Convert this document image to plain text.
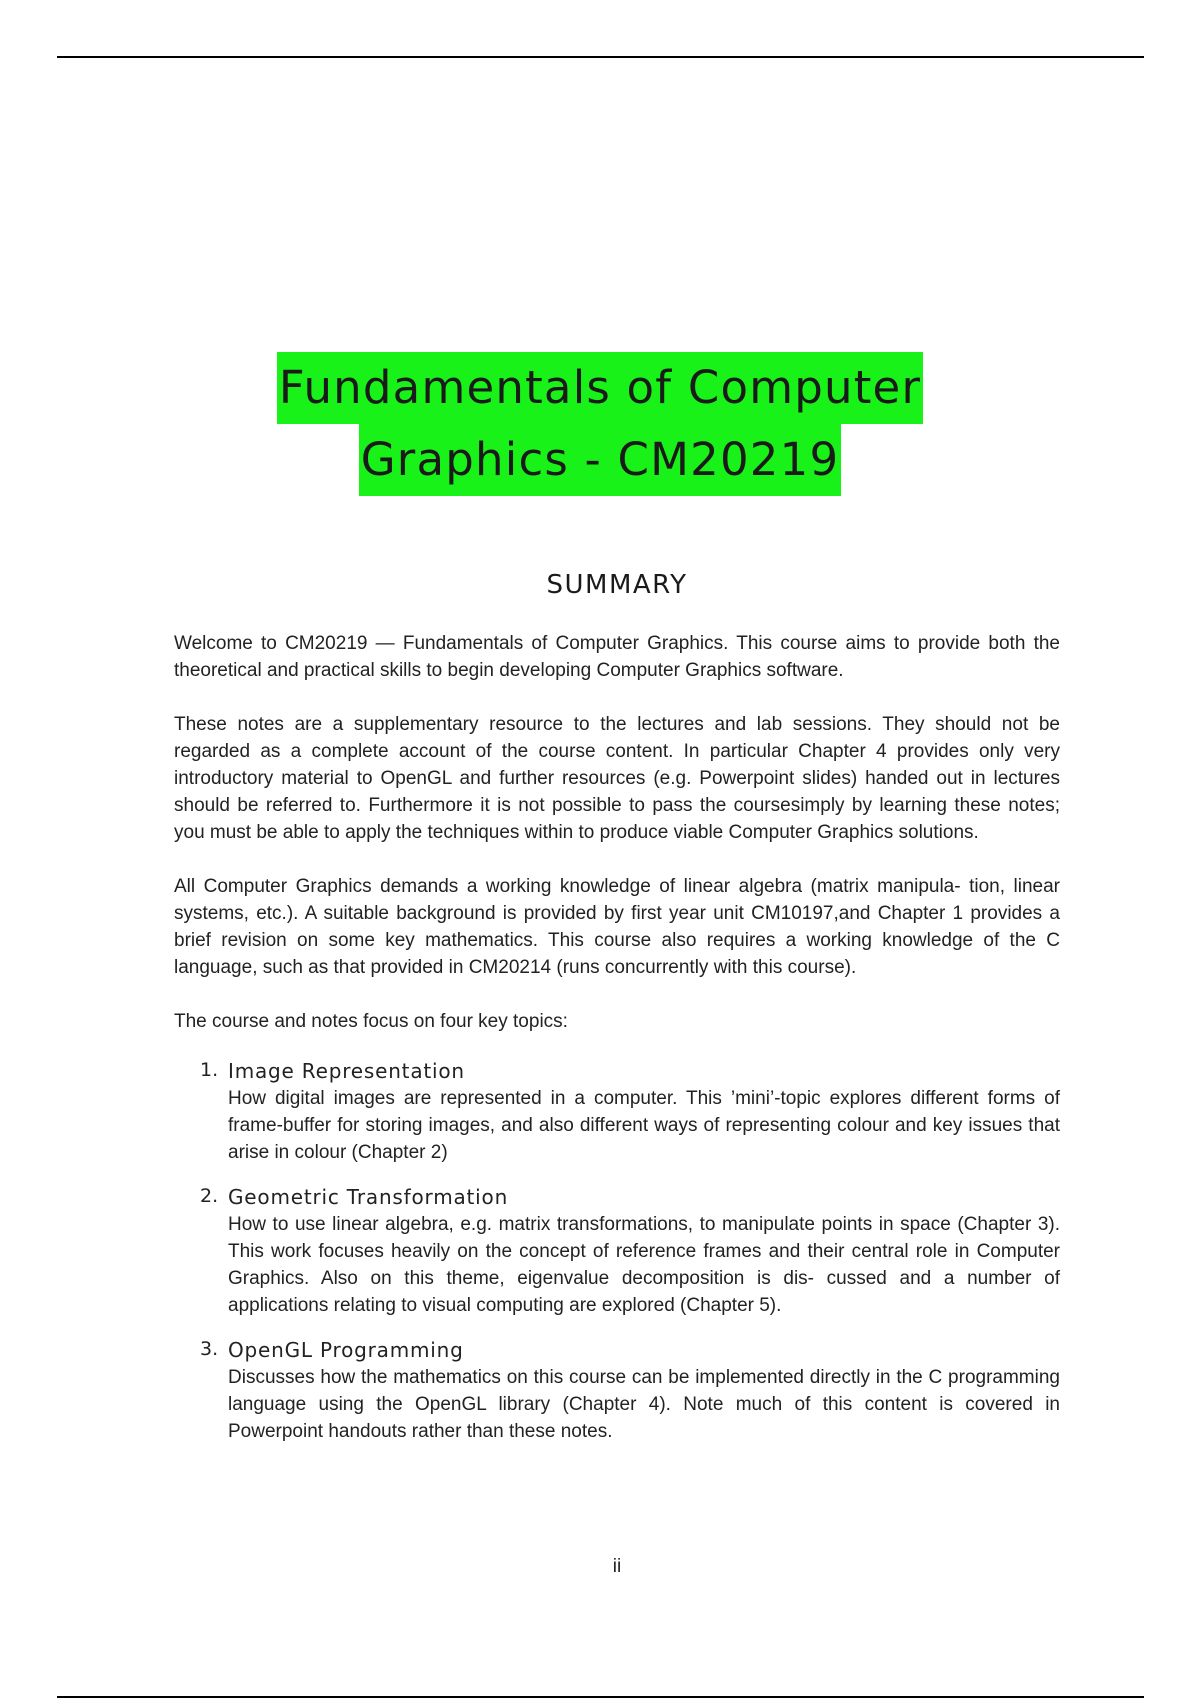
Fundamentals of Computer
Graphics - CM20219
SUMMARY

Welcome to CM20219 — Fundamentals of Computer Graphics. This course aims to provide both the theoretical and practical skills to begin developing Computer Graphics software.

These notes are a supplementary resource to the lectures and lab sessions. They should not be regarded as a complete account of the course content. In particular Chapter 4 provides only very introductory material to OpenGL and further resources (e.g. Powerpoint slides) handed out in lectures should be referred to. Furthermore it is not possible to pass the coursesimply by learning these notes; you must be able to apply the techniques within to produce viable Computer Graphics solutions.

All Computer Graphics demands a working knowledge of linear algebra (matrix manipula- tion, linear systems, etc.). A suitable background is provided by first year unit CM10197,and Chapter 1 provides a brief revision on some key mathematics. This course also requires a working knowledge of the C language, such as that provided in CM20214 (runs concurrently with this course).

The course and notes focus on four key topics:

1. Image Representation
How digital images are represented in a computer. This ’mini’-topic explores different forms of frame-buffer for storing images, and also different ways of representing colour and key issues that arise in colour (Chapter 2)
2. Geometric Transformation
How to use linear algebra, e.g. matrix transformations, to manipulate points in space (Chapter 3). This work focuses heavily on the concept of reference frames and their central role in Computer Graphics. Also on this theme, eigenvalue decomposition is dis- cussed and a number of applications relating to visual computing are explored (Chapter 5).
3. OpenGL Programming
Discusses how the mathematics on this course can be implemented directly in the C programming language using the OpenGL library (Chapter 4). Note much of this content is covered in Powerpoint handouts rather than these notes.
ii
